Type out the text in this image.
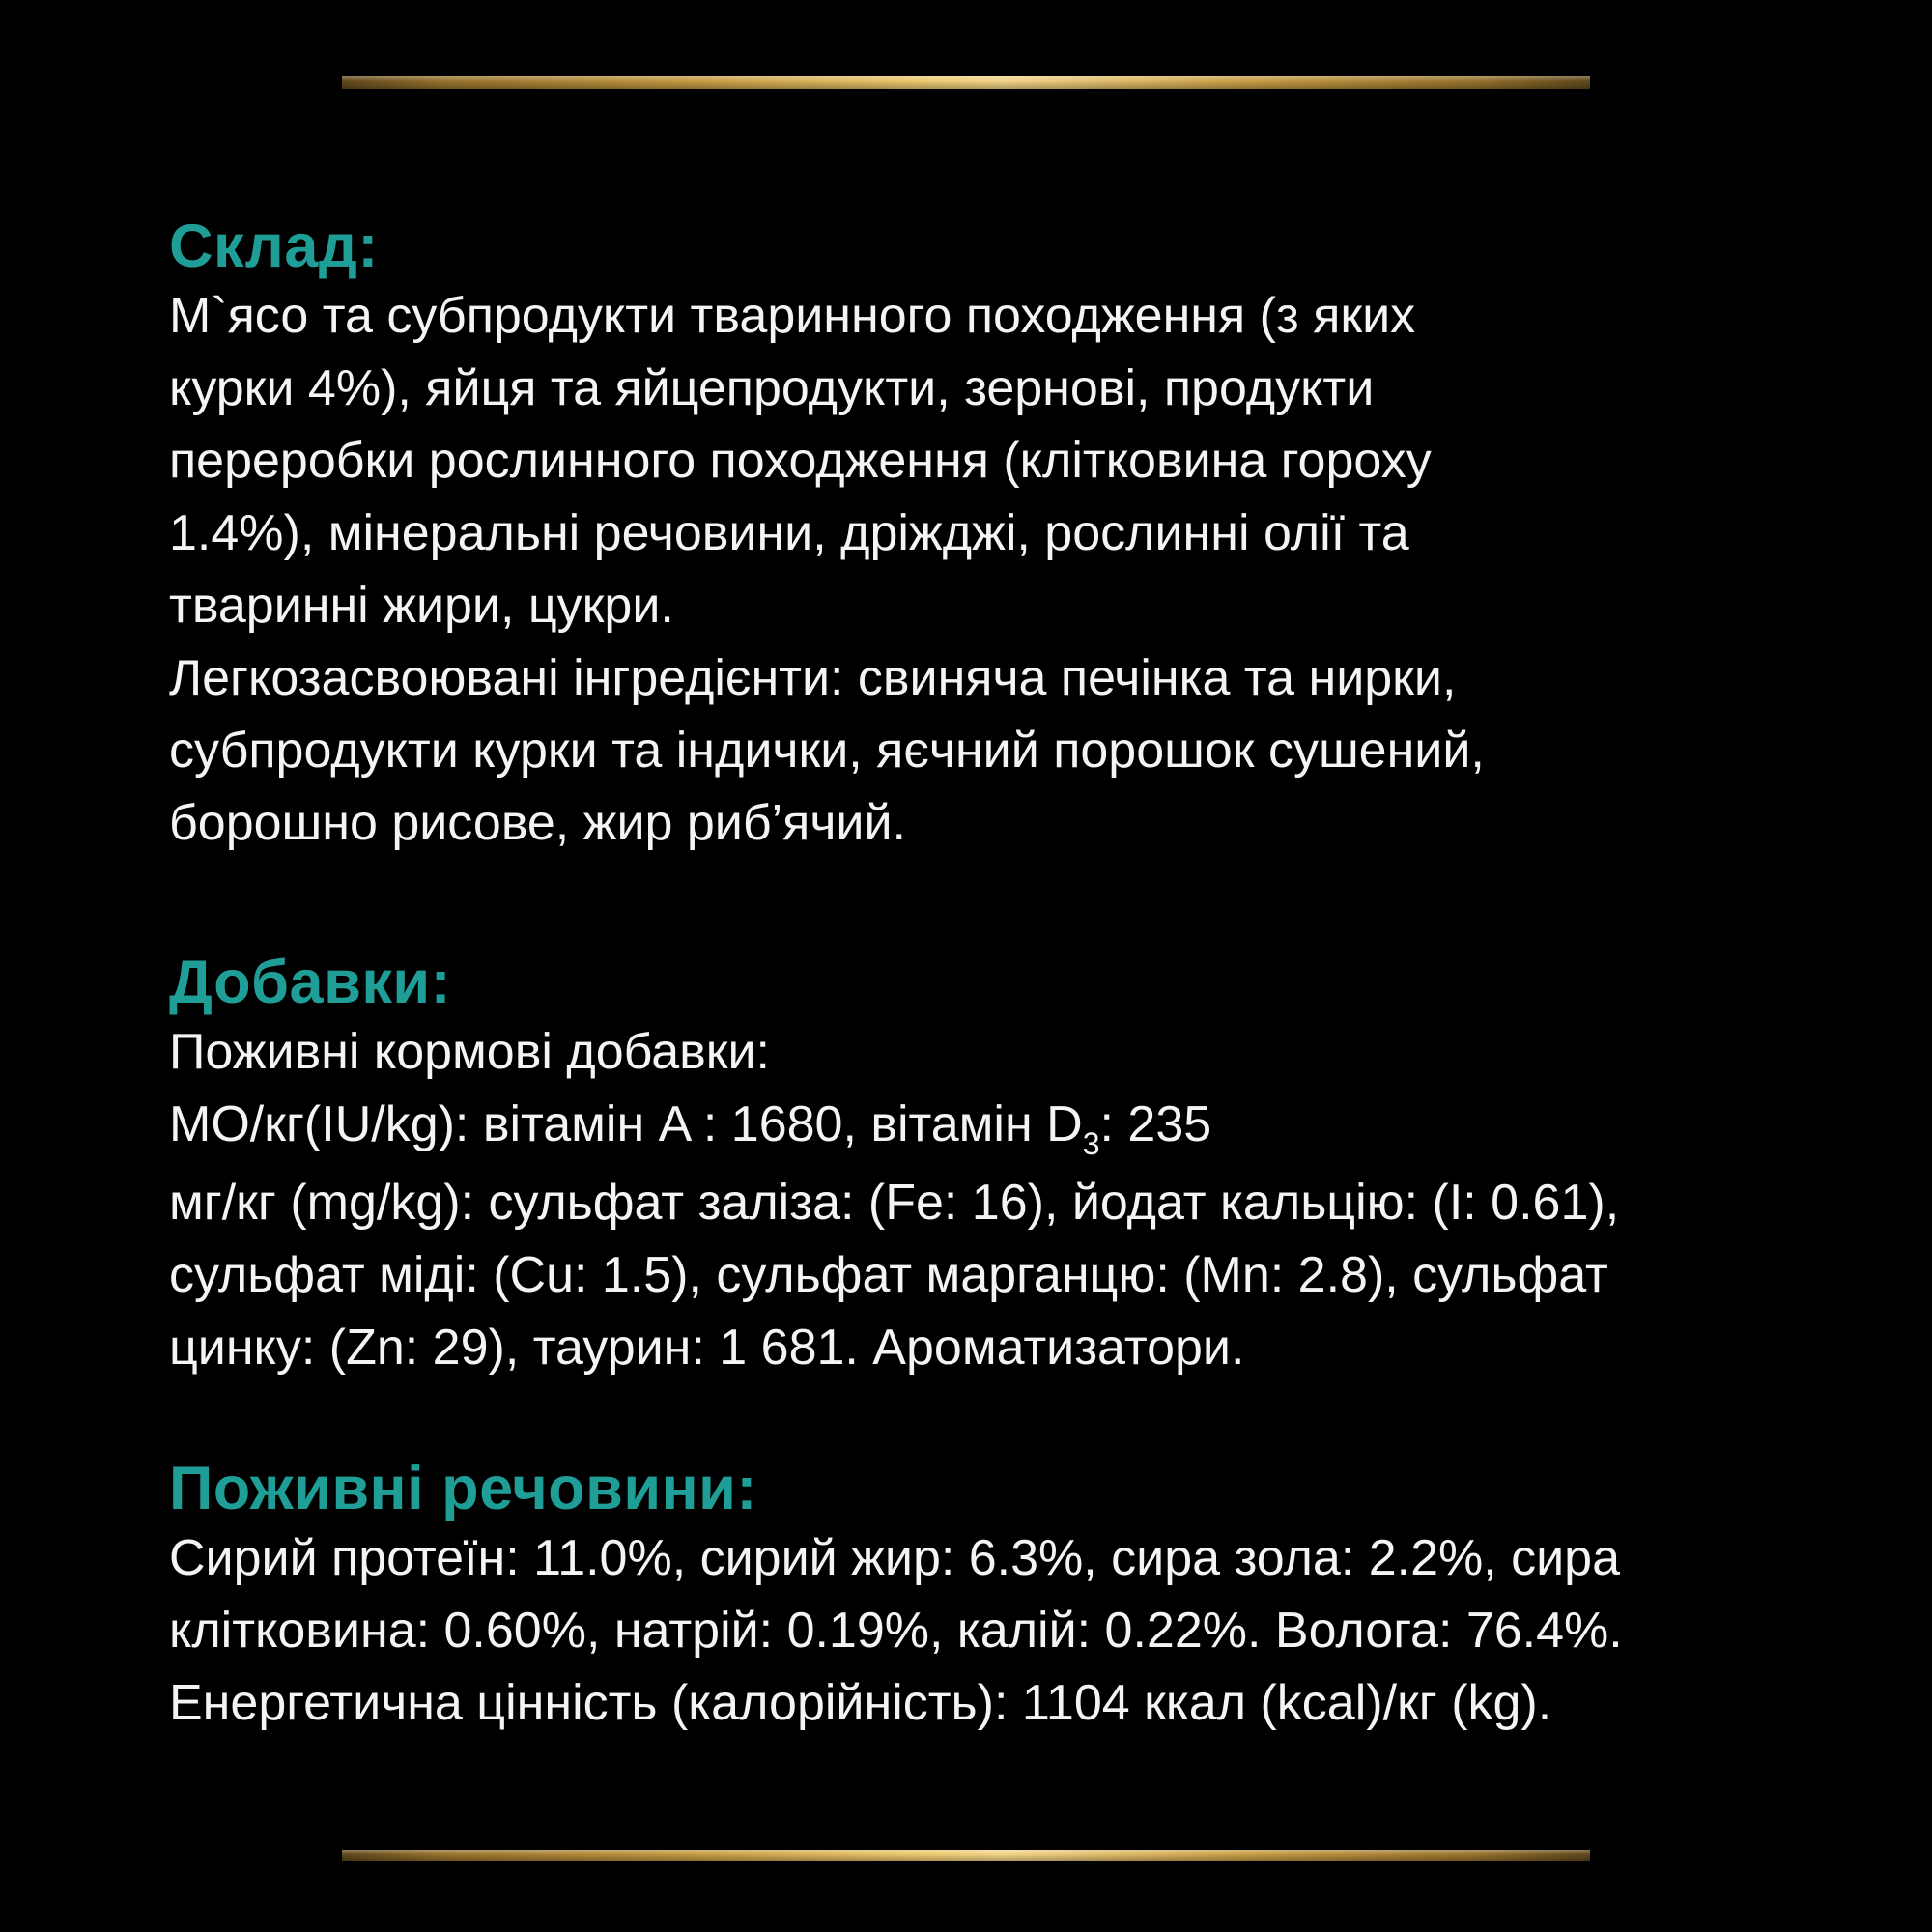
Склад:
М`ясо та субпродукти тваринного походження (з яких
курки 4%), яйця та яйцепродукти, зернові, продукти
переробки рослинного походження (клітковина гороху
1.4%), мінеральні речовини, дріжджі, рослинні олії та
тваринні жири, цукри.
Легкозасвоювані інгредієнти: свиняча печінка та нирки,
субпродукти курки та індички, яєчний порошок сушений,
борошно рисове, жир риб’ячий.
Добавки:
Поживні кормові добавки:
МО/кг(IU/kg): вітамін A : 1680, вітамін D3: 235
мг/кг (mg/kg): сульфат заліза: (Fe: 16), йодат кальцію: (I: 0.61),
сульфат міді: (Cu: 1.5), сульфат марганцю: (Mn: 2.8), сульфат
цинку: (Zn: 29), таурин: 1 681. Ароматизатори.
Поживні речовини:
Сирий протеїн: 11.0%, сирий жир: 6.3%, сира зола: 2.2%, сира
клітковина: 0.60%, натрій: 0.19%, калій: 0.22%. Волога: 76.4%.
Енергетична цінність (калорійність): 1104 ккал (kcal)/кг (kg).
